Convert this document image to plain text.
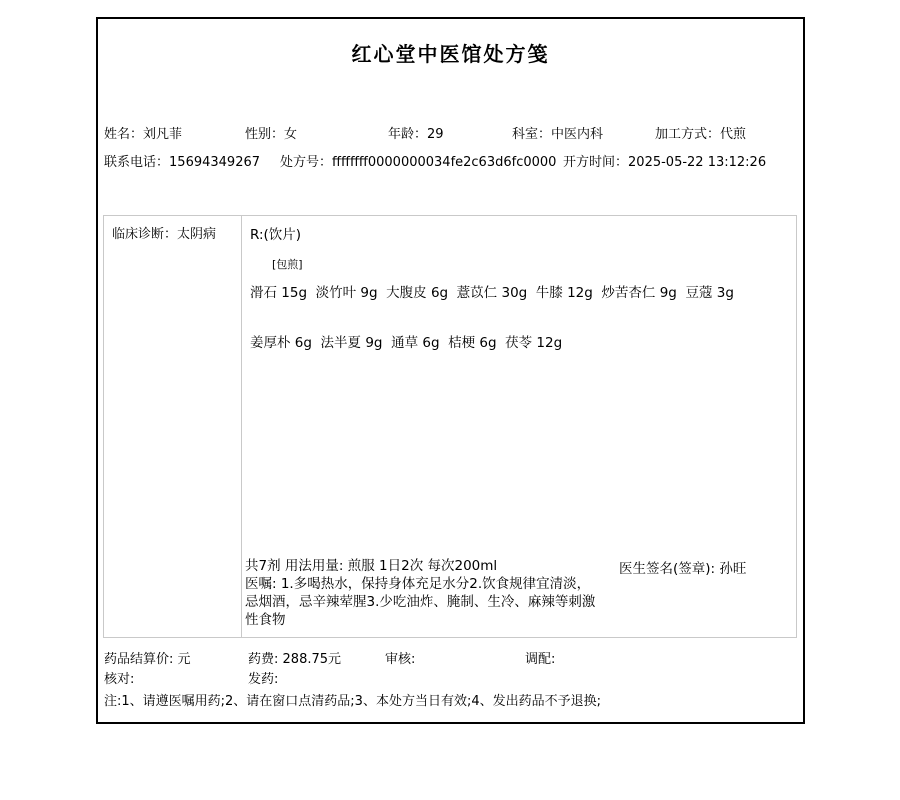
红心堂中医馆处方笺
姓名 ： 刘凡菲	性别 ： 女	年龄 ： 29	科室 ： 中医内科	加工方式 ： 代煎
联系电话 ： 15694349267 处方号 ： ffffffff0000000034fe2c63d6fc0000 开方时间 ： 2025-05-22 13:12:26
临床诊断 ： 太阴病	R:(饮片)
[包煎]
滑石 15g  淡竹叶 9g  大腹皮 6g  薏苡仁 30g  牛膝 12g  炒苦杏仁 9g  豆蔻 3g
姜厚朴 6g  法半夏 9g  通草 6g  桔梗 6g  茯苓 12g
共7剂 用法用量: 煎服 1日2次 每次200ml

医嘱 : 1.多喝热水，保持身体充足水分2.饮食规律宜清淡，忌烟酒，忌辛辣荤腥3.少吃油炸、腌制、生冷、麻辣等刺激性食物

医生签名(签章) : 孙旺
药品结算价 : 元	药费 : 288.75元	审核 :	调配 :
核对 :	发药 :
注:1、请遵医嘱用药;2、请在窗口点清药品;3、本处方当日有效;4、发出药品不予退换;
